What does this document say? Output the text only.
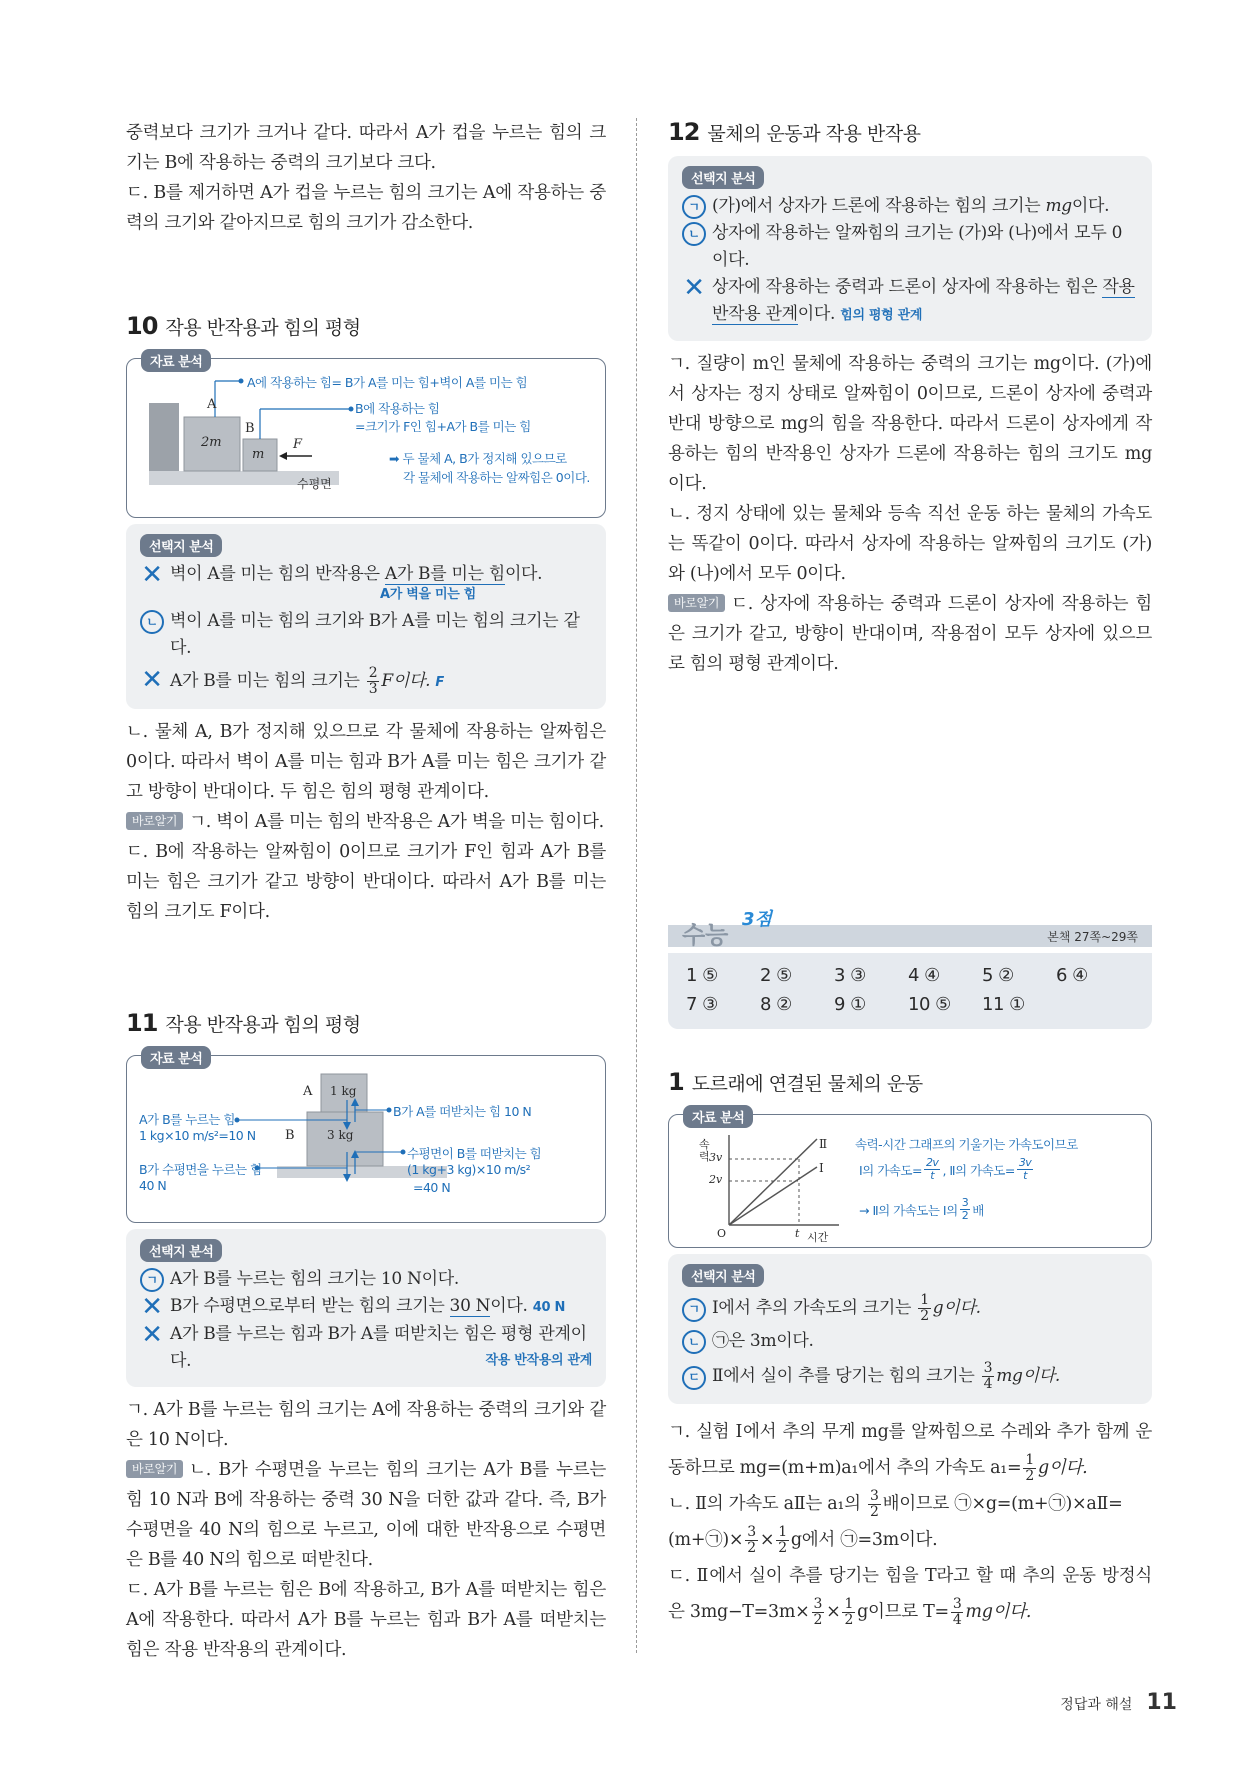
중력보다 크기가 크거나 같다. 따라서 A가 컵을 누르는 힘의 크기는 B에 작용하는 중력의 크기보다 크다.

ㄷ. B를 제거하면 A가 컵을 누르는 힘의 크기는 A에 작용하는 중력의 크기와 같아지므로 힘의 크기가 감소한다.

10 작용 반작용과 힘의 평형
자료 분석
A에 작용하는 힘= B가 A를 미는 힘+벽이 A를 미는 힘
B에 작용하는 힘
=크기가 F인 힘+A가 B를 미는 힘
➡ 두 물체 A, B가 정지해 있으므로
각 물체에 작용하는 알짜힘은 0이다.
A
B
2m
m
F
수평면
선택지 분석
✕ 벽이 A를 미는 힘의 반작용은 A가 B를 미는 힘이다.
A가 벽을 미는 힘
ㄴ 벽이 A를 미는 힘의 크기와 B가 A를 미는 힘의 크기는 같다.
✕ A가 B를 미는 힘의 크기는 $\frac{2}{3}$ F이다. F

ㄴ. 물체 A, B가 정지해 있으므로 각 물체에 작용하는 알짜힘은 0이다. 따라서 벽이 A를 미는 힘과 B가 A를 미는 힘은 크기가 같고 방향이 반대이다. 두 힘은 힘의 평형 관계이다.

바로알기 ㄱ. 벽이 A를 미는 힘의 반작용은 A가 벽을 미는 힘이다.

ㄷ. B에 작용하는 알짜힘이 0이므로 크기가 F인 힘과 A가 B를 미는 힘은 크기가 같고 방향이 반대이다. 따라서 A가 B를 미는 힘의 크기도 F이다.

11 작용 반작용과 힘의 평형
자료 분석
A
B
1 kg
3 kg
A가 B를 누르는 힘
1 kg×10 m/s²=10 N
B가 수평면을 누르는 힘
40 N
B가 A를 떠받치는 힘 10 N
수평면이 B를 떠받치는 힘
(1 kg+3 kg)×10 m/s²
=40 N
선택지 분석
ㄱ A가 B를 누르는 힘의 크기는 10 N이다.
✕ B가 수평면으로부터 받는 힘의 크기는 30 N이다. 40 N
✕ A가 B를 누르는 힘과 B가 A를 떠받치는 힘은 평형 관계이다.	작용 반작용의 관계

ㄱ. A가 B를 누르는 힘의 크기는 A에 작용하는 중력의 크기와 같은 10 N이다.

바로알기 ㄴ. B가 수평면을 누르는 힘의 크기는 A가 B를 누르는 힘 10 N과 B에 작용하는 중력 30 N을 더한 값과 같다. 즉, B가 수평면을 40 N의 힘으로 누르고, 이에 대한 반작용으로 수평면은 B를 40 N의 힘으로 떠받친다.

ㄷ. A가 B를 누르는 힘은 B에 작용하고, B가 A를 떠받치는 힘은 A에 작용한다. 따라서 A가 B를 누르는 힘과 B가 A를 떠받치는 힘은 작용 반작용의 관계이다.

12 물체의 운동과 작용 반작용
선택지 분석
ㄱ (가)에서 상자가 드론에 작용하는 힘의 크기는 mg이다.
ㄴ 상자에 작용하는 알짜힘의 크기는 (가)와 (나)에서 모두 0이다.
✕ 상자에 작용하는 중력과 드론이 상자에 작용하는 힘은 작용 반작용 관계이다. 힘의 평형 관계

ㄱ. 질량이 m인 물체에 작용하는 중력의 크기는 mg이다. (가)에서 상자는 정지 상태로 알짜힘이 0이므로, 드론이 상자에 중력과 반대 방향으로 mg의 힘을 작용한다. 따라서 드론이 상자에게 작용하는 힘의 반작용인 상자가 드론에 작용하는 힘의 크기도 mg이다.

ㄴ. 정지 상태에 있는 물체와 등속 직선 운동 하는 물체의 가속도는 똑같이 0이다. 따라서 상자에 작용하는 알짜힘의 크기도 (가)와 (나)에서 모두 0이다.

바로알기 ㄷ. 상자에 작용하는 중력과 드론이 상자에 작용하는 힘은 크기가 같고, 방향이 반대이며, 작용점이 모두 상자에 있으므로 힘의 평형 관계이다.

수능
3점
본책 27쪽~29쪽
1 ⑤	2 ⑤	3 ③	4 ④	5 ②	6 ④
7 ③	8 ②	9 ①	10 ⑤	11 ①
1 도르래에 연결된 물체의 운동
자료 분석
속
력 3v
2v
O	t 시간
Ⅱ
Ⅰ
속력-시간 그래프의 기울기는 가속도이므로
Ⅰ의 가속도= $\frac{2v}{t}$ , Ⅱ의 가속도= $\frac{3v}{t}$
→ Ⅱ의 가속도는 Ⅰ의 $\frac{3}{2}$ 배
선택지 분석
ㄱ Ⅰ에서 추의 가속도의 크기는 $\frac{1}{2}$ g이다.
ㄴ ㉠은 3m이다.
ㄷ Ⅱ에서 실이 추를 당기는 힘의 크기는 $\frac{3}{4}$ mg이다.

ㄱ. 실험 Ⅰ에서 추의 무게 mg를 알짜힘으로 수레와 추가 함께 운동하므로 mg=(m+m)a₁에서 추의 가속도 $a_1= \frac{1}{2}$ g이다.

ㄴ. Ⅱ의 가속도 aⅡ는 a₁의 $\frac{3}{2}$ 배이므로 ㉠×g=(m+㉠)×aⅡ=
(m+㉠)× $\frac{3}{2} \times \frac{1}{2}$ g에서 ㉠=3m이다.

ㄷ. Ⅱ에서 실이 추를 당기는 힘을 T라고 할 때 추의 운동 방정식은 $3mg-T=3m\times \frac{3}{2} \times \frac{1}{2}$ g이므로 $T= \frac{3}{4}$ mg이다.

정답과 해설 11
